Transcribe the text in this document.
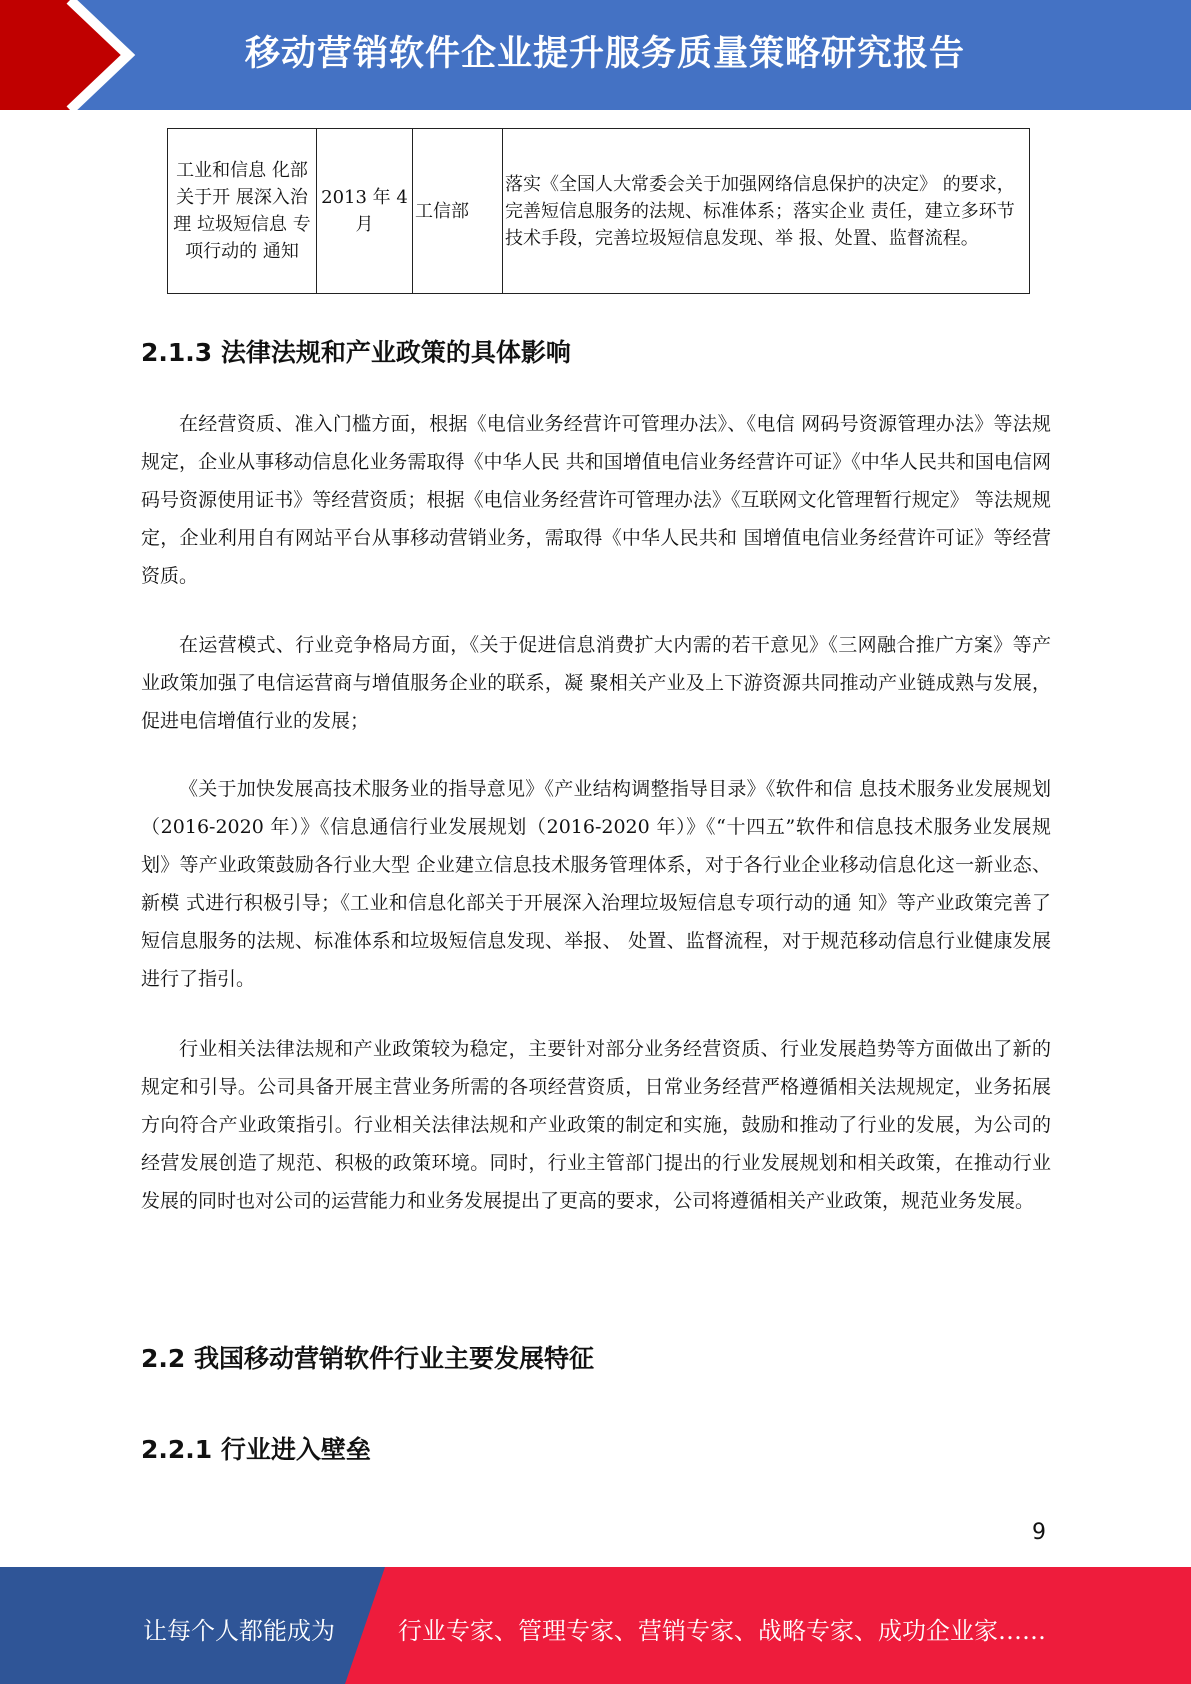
移动营销软件企业提升服务质量策略研究报告
工业和信息 化部关于开 展深入治理 垃圾短信息 专项行动的 通知	2013 年 4 月	工信部	落实《全国人大常委会关于加强网络信息保护的决定》 的要求，完善短信息服务的法规、标准体系；落实企业 责任，建立多环节技术手段，完善垃圾短信息发现、举 报、处置、监督流程。
2.1.3 法律法规和产业政策的具体影响
在经营资质、准入门槛方面，根据《电信业务经营许可管理办法》、《电信 网码号资源管理办法》等法规规定，企业从事移动信息化业务需取得《中华人民 共和国增值电信业务经营许可证》《中华人民共和国电信网码号资源使用证书》等经营资质；根据《电信业务经营许可管理办法》《互联网文化管理暂行规定》 等法规规定，企业利用自有网站平台从事移动营销业务，需取得《中华人民共和 国增值电信业务经营许可证》等经营资质。
在运营模式、行业竞争格局方面，《关于促进信息消费扩大内需的若干意见》《三网融合推广方案》等产业政策加强了电信运营商与增值服务企业的联系，凝 聚相关产业及上下游资源共同推动产业链成熟与发展，促进电信增值行业的发展；
《关于加快发展高技术服务业的指导意见》《产业结构调整指导目录》《软件和信 息技术服务业发展规划（2016-2020 年）》《信息通信行业发展规划（2016-2020 年）》《“十四五”软件和信息技术服务业发展规划》等产业政策鼓励各行业大型 企业建立信息技术服务管理体系，对于各行业企业移动信息化这一新业态、新模 式进行积极引导；《工业和信息化部关于开展深入治理垃圾短信息专项行动的通 知》等产业政策完善了短信息服务的法规、标准体系和垃圾短信息发现、举报、 处置、监督流程，对于规范移动信息行业健康发展进行了指引。
行业相关法律法规和产业政策较为稳定，主要针对部分业务经营资质、行业发展趋势等方面做出了新的规定和引导。公司具备开展主营业务所需的各项经营资质，日常业务经营严格遵循相关法规规定，业务拓展方向符合产业政策指引。行业相关法律法规和产业政策的制定和实施，鼓励和推动了行业的发展，为公司的经营发展创造了规范、积极的政策环境。同时，行业主管部门提出的行业发展规划和相关政策，在推动行业发展的同时也对公司的运营能力和业务发展提出了更高的要求，公司将遵循相关产业政策，规范业务发展。
2.2 我国移动营销软件行业主要发展特征
2.2.1 行业进入壁垒
9
让每个人都能成为	行业专家、管理专家、营销专家、战略专家、成功企业家……
